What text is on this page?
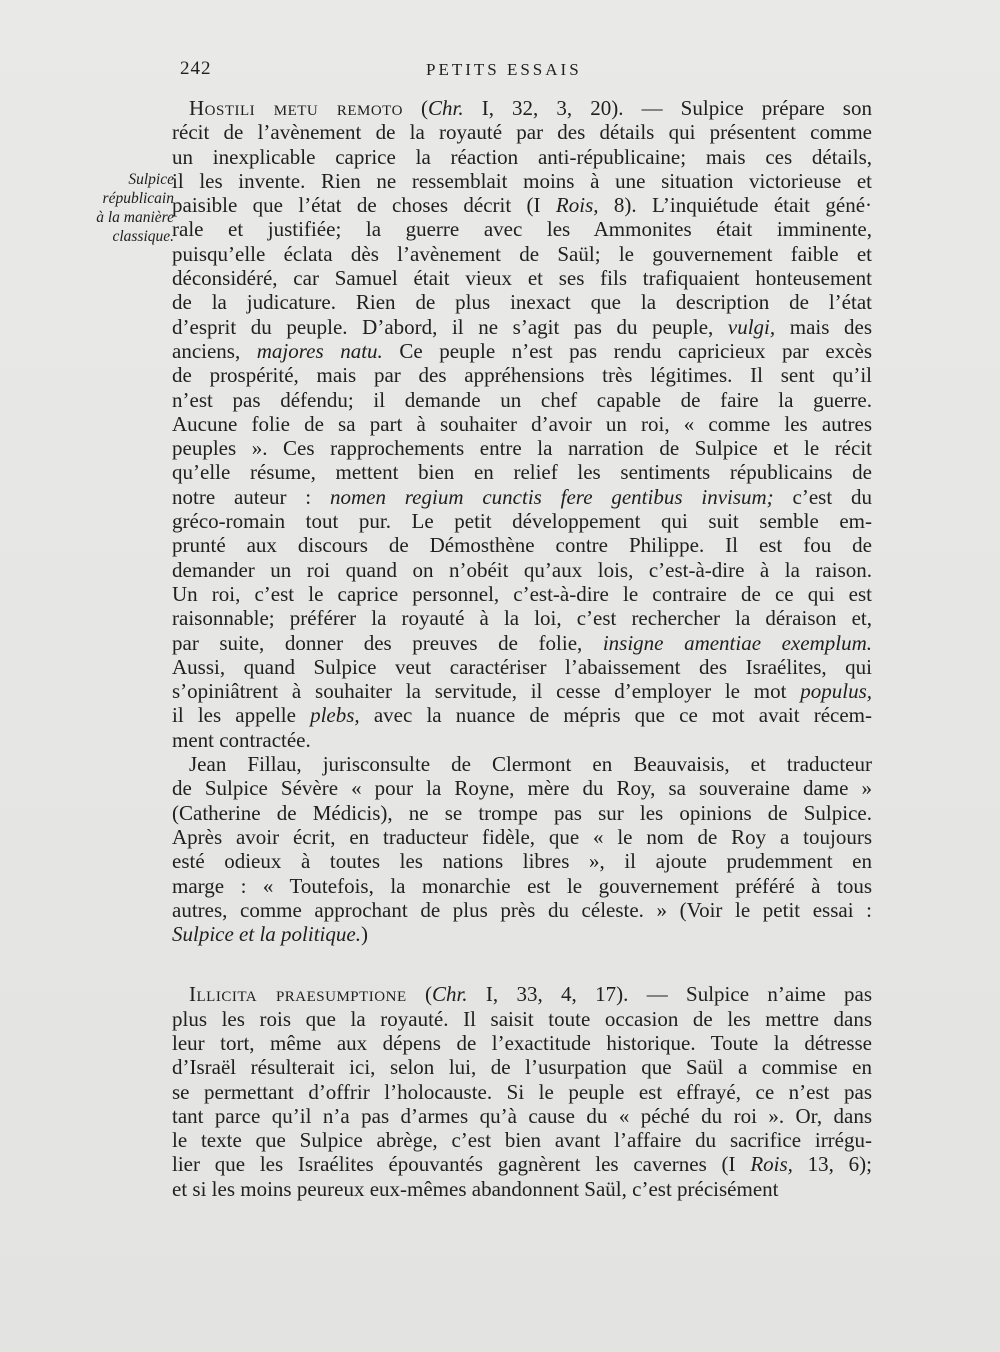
242	PETITS ESSAIS
Sulpice
républicain
à la manière
classique.
Hostili metu remoto (Chr. I, 32, 3, 20). — Sulpice prépare son
récit de l’avènement de la royauté par des détails qui présentent comme
un inexplicable caprice la réaction anti-républicaine; mais ces détails,
il les invente. Rien ne ressemblait moins à une situation victorieuse et
paisible que l’état de choses décrit (I Rois, 8). L’inquiétude était géné·
rale et justifiée; la guerre avec les Ammonites était imminente,
puisqu’elle éclata dès l’avènement de Saül; le gouvernement faible et
déconsidéré, car Samuel était vieux et ses fils trafiquaient honteusement
de la judicature. Rien de plus inexact que la description de l’état
d’esprit du peuple. D’abord, il ne s’agit pas du peuple, vulgi, mais des
anciens, majores natu. Ce peuple n’est pas rendu capricieux par excès
de prospérité, mais par des appréhensions très légitimes. Il sent qu’il
n’est pas défendu; il demande un chef capable de faire la guerre.
Aucune folie de sa part à souhaiter d’avoir un roi, « comme les autres
peuples ». Ces rapprochements entre la narration de Sulpice et le récit
qu’elle résume, mettent bien en relief les sentiments républicains de
notre auteur : nomen regium cunctis fere gentibus invisum; c’est du
gréco-romain tout pur. Le petit développement qui suit semble em-
prunté aux discours de Démosthène contre Philippe. Il est fou de
demander un roi quand on n’obéit qu’aux lois, c’est-à-dire à la raison.
Un roi, c’est le caprice personnel, c’est-à-dire le contraire de ce qui est
raisonnable; préférer la royauté à la loi, c’est rechercher la déraison et,
par suite, donner des preuves de folie, insigne amentiae exemplum.
Aussi, quand Sulpice veut caractériser l’abaissement des Israélites, qui
s’opiniâtrent à souhaiter la servitude, il cesse d’employer le mot populus,
il les appelle plebs, avec la nuance de mépris que ce mot avait récem-
ment contractée.
Jean Fillau, jurisconsulte de Clermont en Beauvaisis, et traducteur
de Sulpice Sévère « pour la Royne, mère du Roy, sa souveraine dame »
(Catherine de Médicis), ne se trompe pas sur les opinions de Sulpice.
Après avoir écrit, en traducteur fidèle, que « le nom de Roy a toujours
esté odieux à toutes les nations libres », il ajoute prudemment en
marge : « Toutefois, la monarchie est le gouvernement préféré à tous
autres, comme approchant de plus près du céleste. » (Voir le petit essai :
Sulpice et la politique.)
Illicita praesumptione (Chr. I, 33, 4, 17). — Sulpice n’aime pas
plus les rois que la royauté. Il saisit toute occasion de les mettre dans
leur tort, même aux dépens de l’exactitude historique. Toute la détresse
d’Israël résulterait ici, selon lui, de l’usurpation que Saül a commise en
se permettant d’offrir l’holocauste. Si le peuple est effrayé, ce n’est pas
tant parce qu’il n’a pas d’armes qu’à cause du « péché du roi ». Or, dans
le texte que Sulpice abrège, c’est bien avant l’affaire du sacrifice irrégu-
lier que les Israélites épouvantés gagnèrent les cavernes (I Rois, 13, 6);
et si les moins peureux eux-mêmes abandonnent Saül, c’est précisément
